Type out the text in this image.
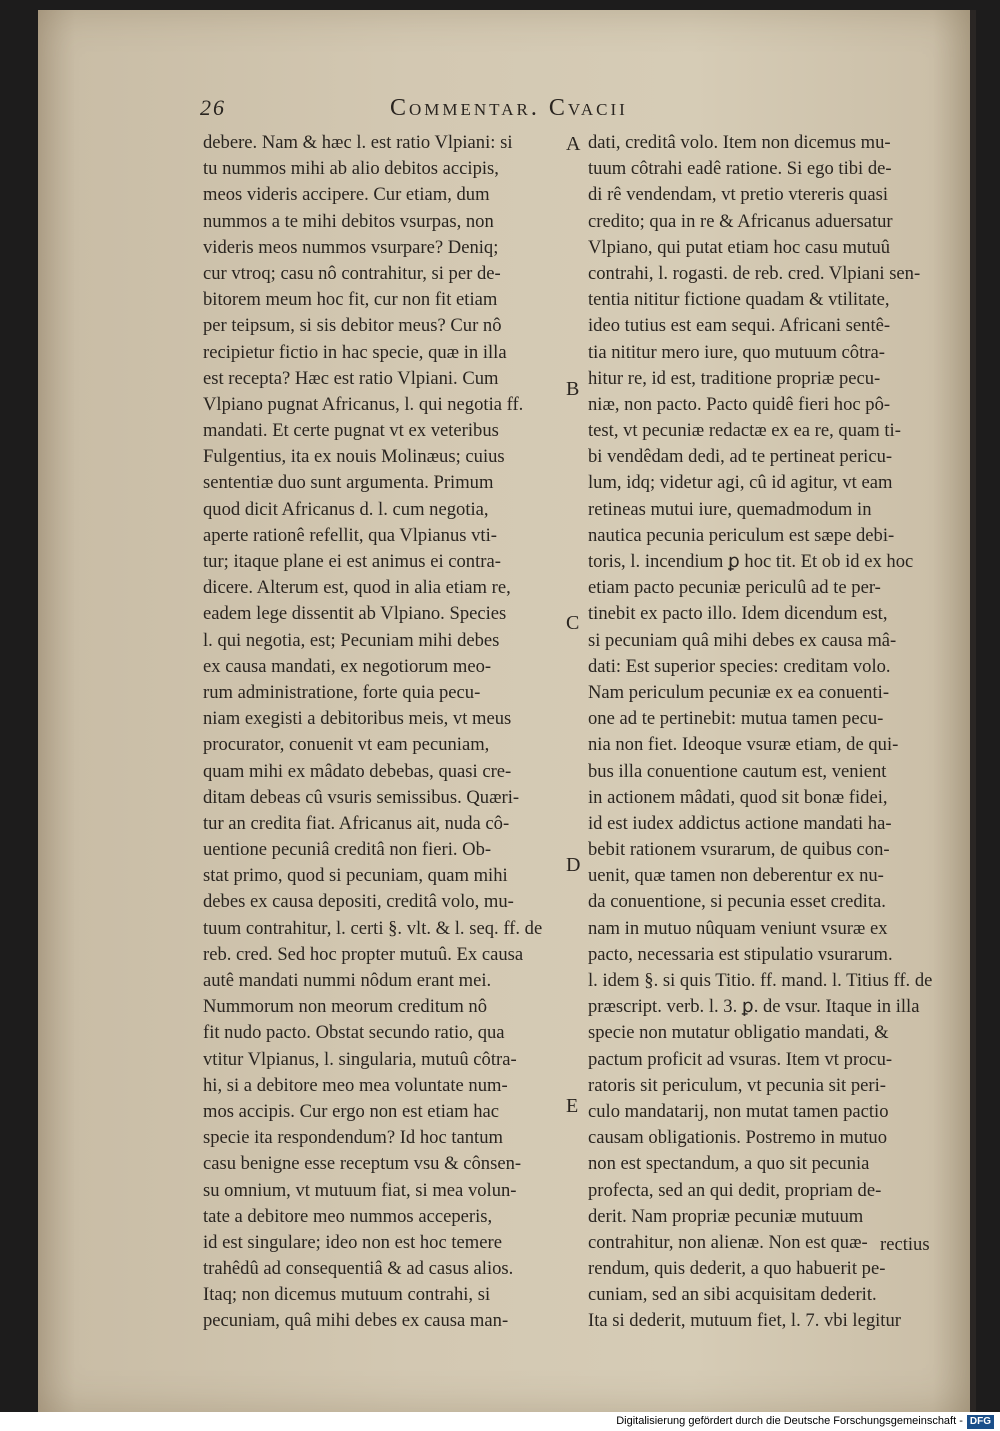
26	Commentar. Cvacii
debere. Nam & hæc l. est ratio Vlpiani: si
tu nummos mihi ab alio debitos accipis,
meos videris accipere. Cur etiam, dum
nummos a te mihi debitos vsurpas, non
videris meos nummos vsurpare? Deniq;
cur vtroq; casu nô contrahitur, si per de-
bitorem meum hoc fit, cur non fit etiam
per teipsum, si sis debitor meus? Cur nô
recipietur fictio in hac specie, quæ in illa
est recepta? Hæc est ratio Vlpiani. Cum
Vlpiano pugnat Africanus, l. qui negotia ff.
mandati. Et certe pugnat vt ex veteribus
Fulgentius, ita ex nouis Molinæus; cuius
sententiæ duo sunt argumenta. Primum
quod dicit Africanus d. l. cum negotia,
aperte rationê refellit, qua Vlpianus vti-
tur; itaque plane ei est animus ei contra-
dicere. Alterum est, quod in alia etiam re,
eadem lege dissentit ab Vlpiano. Species
l. qui negotia, est; Pecuniam mihi debes
ex causa mandati, ex negotiorum meo-
rum administratione, forte quia pecu-
niam exegisti a debitoribus meis, vt meus
procurator, conuenit vt eam pecuniam,
quam mihi ex mâdato debebas, quasi cre-
ditam debeas cû vsuris semissibus. Quæri-
tur an credita fiat. Africanus ait, nuda cô-
uentione pecuniâ creditâ non fieri. Ob-
stat primo, quod si pecuniam, quam mihi
debes ex causa depositi, creditâ volo, mu-
tuum contrahitur, l. certi §. vlt. & l. seq. ff. de
reb. cred. Sed hoc propter mutuû. Ex causa
autê mandati nummi nôdum erant mei.
Nummorum non meorum creditum nô
fit nudo pacto. Obstat secundo ratio, qua
vtitur Vlpianus, l. singularia, mutuû côtra-
hi, si a debitore meo mea voluntate num-
mos accipis. Cur ergo non est etiam hac
specie ita respondendum? Id hoc tantum
casu benigne esse receptum vsu & cônsen-
su omnium, vt mutuum fiat, si mea volun-
tate a debitore meo nummos acceperis,
id est singulare; ideo non est hoc temere
trahêdû ad consequentiâ & ad casus alios.
Itaq; non dicemus mutuum contrahi, si
pecuniam, quâ mihi debes ex causa man-
dati, creditâ volo. Item non dicemus mu-
tuum côtrahi eadê ratione. Si ego tibi de-
di rê vendendam, vt pretio vtereris quasi
credito; qua in re & Africanus aduersatur
Vlpiano, qui putat etiam hoc casu mutuû
contrahi, l. rogasti. de reb. cred. Vlpiani sen-
tentia nititur fictione quadam & vtilitate,
ideo tutius est eam sequi. Africani sentê-
tia nititur mero iure, quo mutuum côtra-
hitur re, id est, traditione propriæ pecu-
niæ, non pacto. Pacto quidê fieri hoc pô-
test, vt pecuniæ redactæ ex ea re, quam ti-
bi vendêdam dedi, ad te pertineat pericu-
lum, idq; videtur agi, cû id agitur, vt eam
retineas mutui iure, quemadmodum in
nautica pecunia periculum est sæpe debi-
toris, l. incendium ꝑ hoc tit. Et ob id ex hoc
etiam pacto pecuniæ periculû ad te per-
tinebit ex pacto illo. Idem dicendum est,
si pecuniam quâ mihi debes ex causa mâ-
dati: Est superior species: creditam volo.
Nam periculum pecuniæ ex ea conuenti-
one ad te pertinebit: mutua tamen pecu-
nia non fiet. Ideoque vsuræ etiam, de qui-
bus illa conuentione cautum est, venient
in actionem mâdati, quod sit bonæ fidei,
id est iudex addictus actione mandati ha-
bebit rationem vsurarum, de quibus con-
uenit, quæ tamen non deberentur ex nu-
da conuentione, si pecunia esset credita.
nam in mutuo nûquam veniunt vsuræ ex
pacto, necessaria est stipulatio vsurarum.
l. idem §. si quis Titio. ff. mand. l. Titius ff. de
præscript. verb. l. 3. ꝑ. de vsur. Itaque in illa
specie non mutatur obligatio mandati, &
pactum proficit ad vsuras. Item vt procu-
ratoris sit periculum, vt pecunia sit peri-
culo mandatarij, non mutat tamen pactio
causam obligationis. Postremo in mutuo
non est spectandum, a quo sit pecunia
profecta, sed an qui dedit, propriam de-
derit. Nam propriæ pecuniæ mutuum
contrahitur, non alienæ. Non est quæ-
rendum, quis dederit, a quo habuerit pe-
cuniam, sed an sibi acquisitam dederit.
Ita si dederit, mutuum fiet, l. 7. vbi legitur
A
B
C
D
E
rectius
Digitalisierung gefördert durch die Deutsche Forschungsgemeinschaft - DFG
